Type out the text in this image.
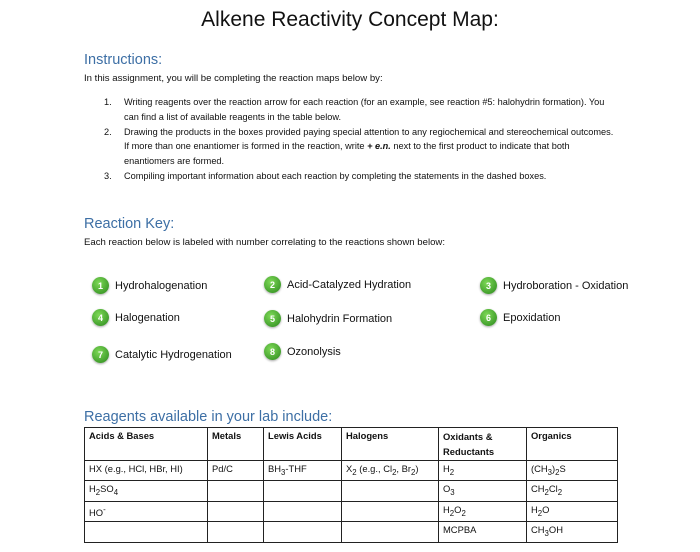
Alkene Reactivity Concept Map:
Instructions:
In this assignment, you will be completing the reaction maps below by:
1. Writing reagents over the reaction arrow for each reaction (for an example, see reaction #5: halohydrin formation). You can find a list of available reagents in the table below.
2. Drawing the products in the boxes provided paying special attention to any regiochemical and stereochemical outcomes. If more than one enantiomer is formed in the reaction, write + e.n. next to the first product to indicate that both enantiomers are formed.
3. Compiling important information about each reaction by completing the statements in the dashed boxes.
Reaction Key:
Each reaction below is labeled with number correlating to the reactions shown below:
1	Hydrohalogenation	2	Acid-Catalyzed Hydration	3	Hydroboration - Oxidation
4	Halogenation	5	Halohydrin Formation	6	Epoxidation
7	Catalytic Hydrogenation	8	Ozonolysis
Reagents available in your lab include:
Acids & Bases	Metals	Lewis Acids	Halogens	Oxidants & Reductants	Organics
HX (e.g., HCl, HBr, HI)	Pd/C	$BH_3$-THF	$X_2$ (e.g., $Cl_2$, $Br_2$)	$H_2$	$(CH_3)_2S$
$H_2SO_4$				$O_3$	$CH_2Cl_2$
HO-				$H_2O_2$	$H_2O$
				MCPBA	$CH_3OH$
